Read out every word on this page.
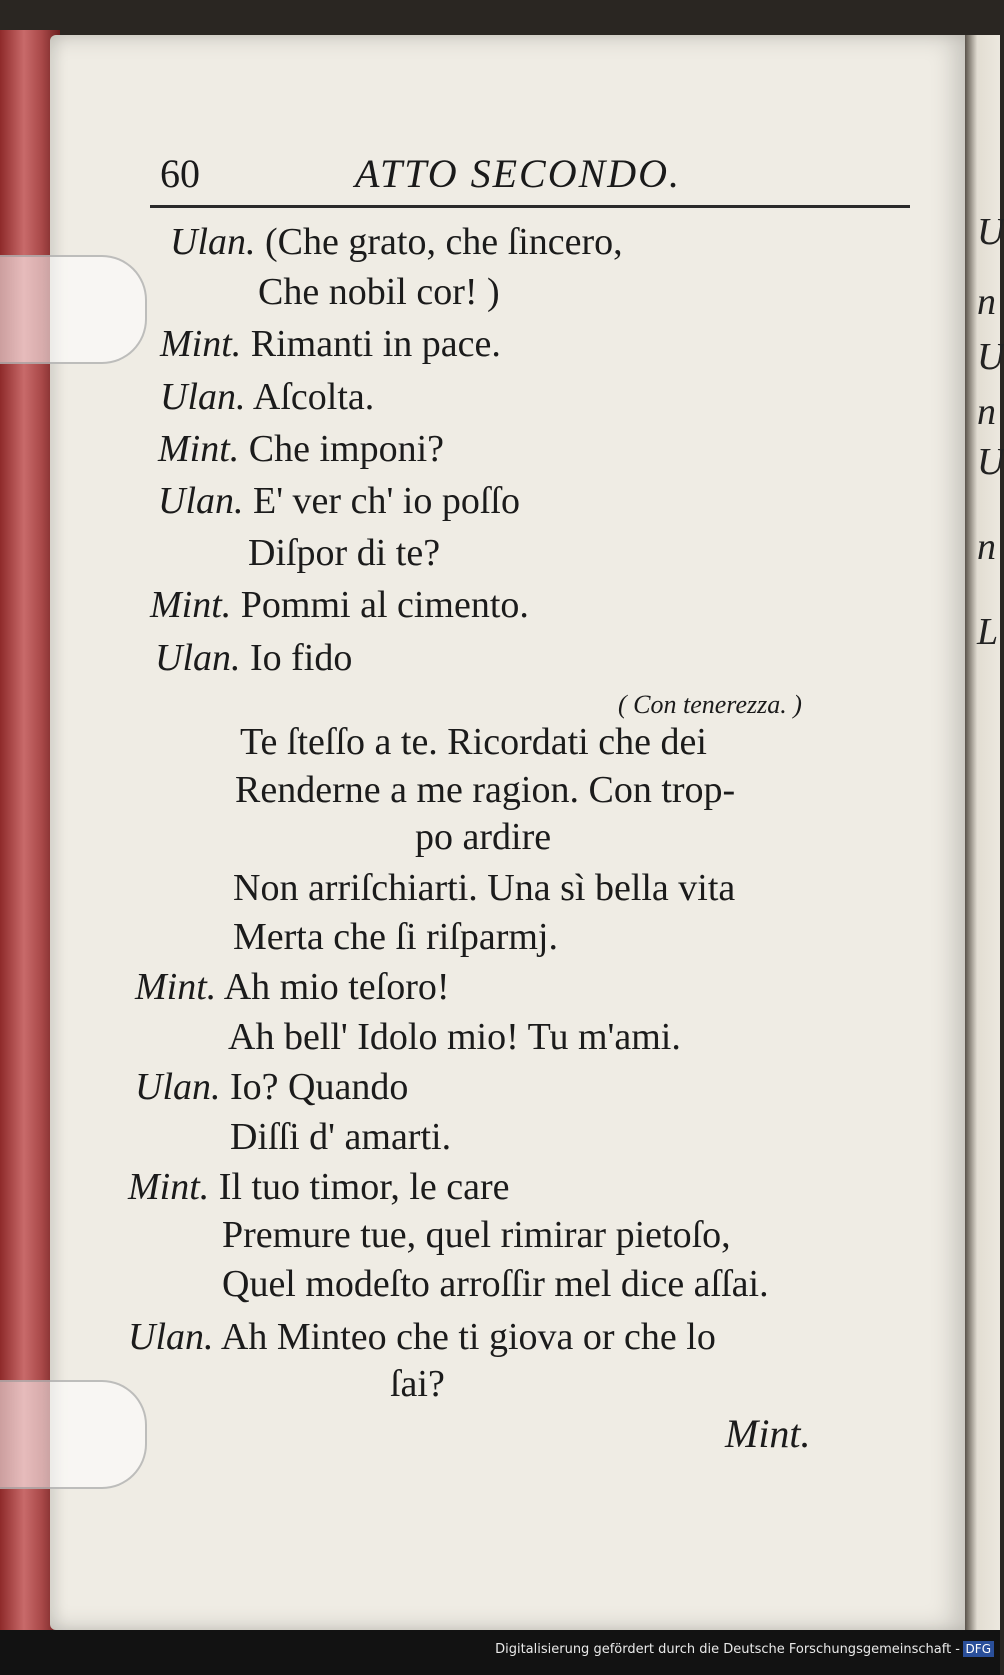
U
n
U
n
U
n
L
60	ATTO SECONDO.
Ulan. (Che grato, che ſincero,
Che nobil cor! )
Mint. Rimanti in pace.
Ulan. Aſcolta.
Mint. Che imponi?
Ulan. E' ver ch' io poſſo
Diſpor di te?
Mint. Pommi al cimento.
Ulan. Io fido
( Con tenerezza. )
Te ſteſſo a te. Ricordati che dei
Renderne a me ragion. Con trop-
po ardire
Non arriſchiarti. Una sì bella vita
Merta che ſi riſparmj.
Mint. Ah mio teſoro!
Ah bell' Idolo mio! Tu m'ami.
Ulan. Io? Quando
Diſſi d' amarti.
Mint. Il tuo timor, le care
Premure tue, quel rimirar pietoſo,
Quel modeſto arroſſir mel dice aſſai.
Ulan. Ah Minteo che ti giova or che lo
ſai?
Mint.
Digitalisierung gefördert durch die Deutsche Forschungsgemeinschaft - DFG
